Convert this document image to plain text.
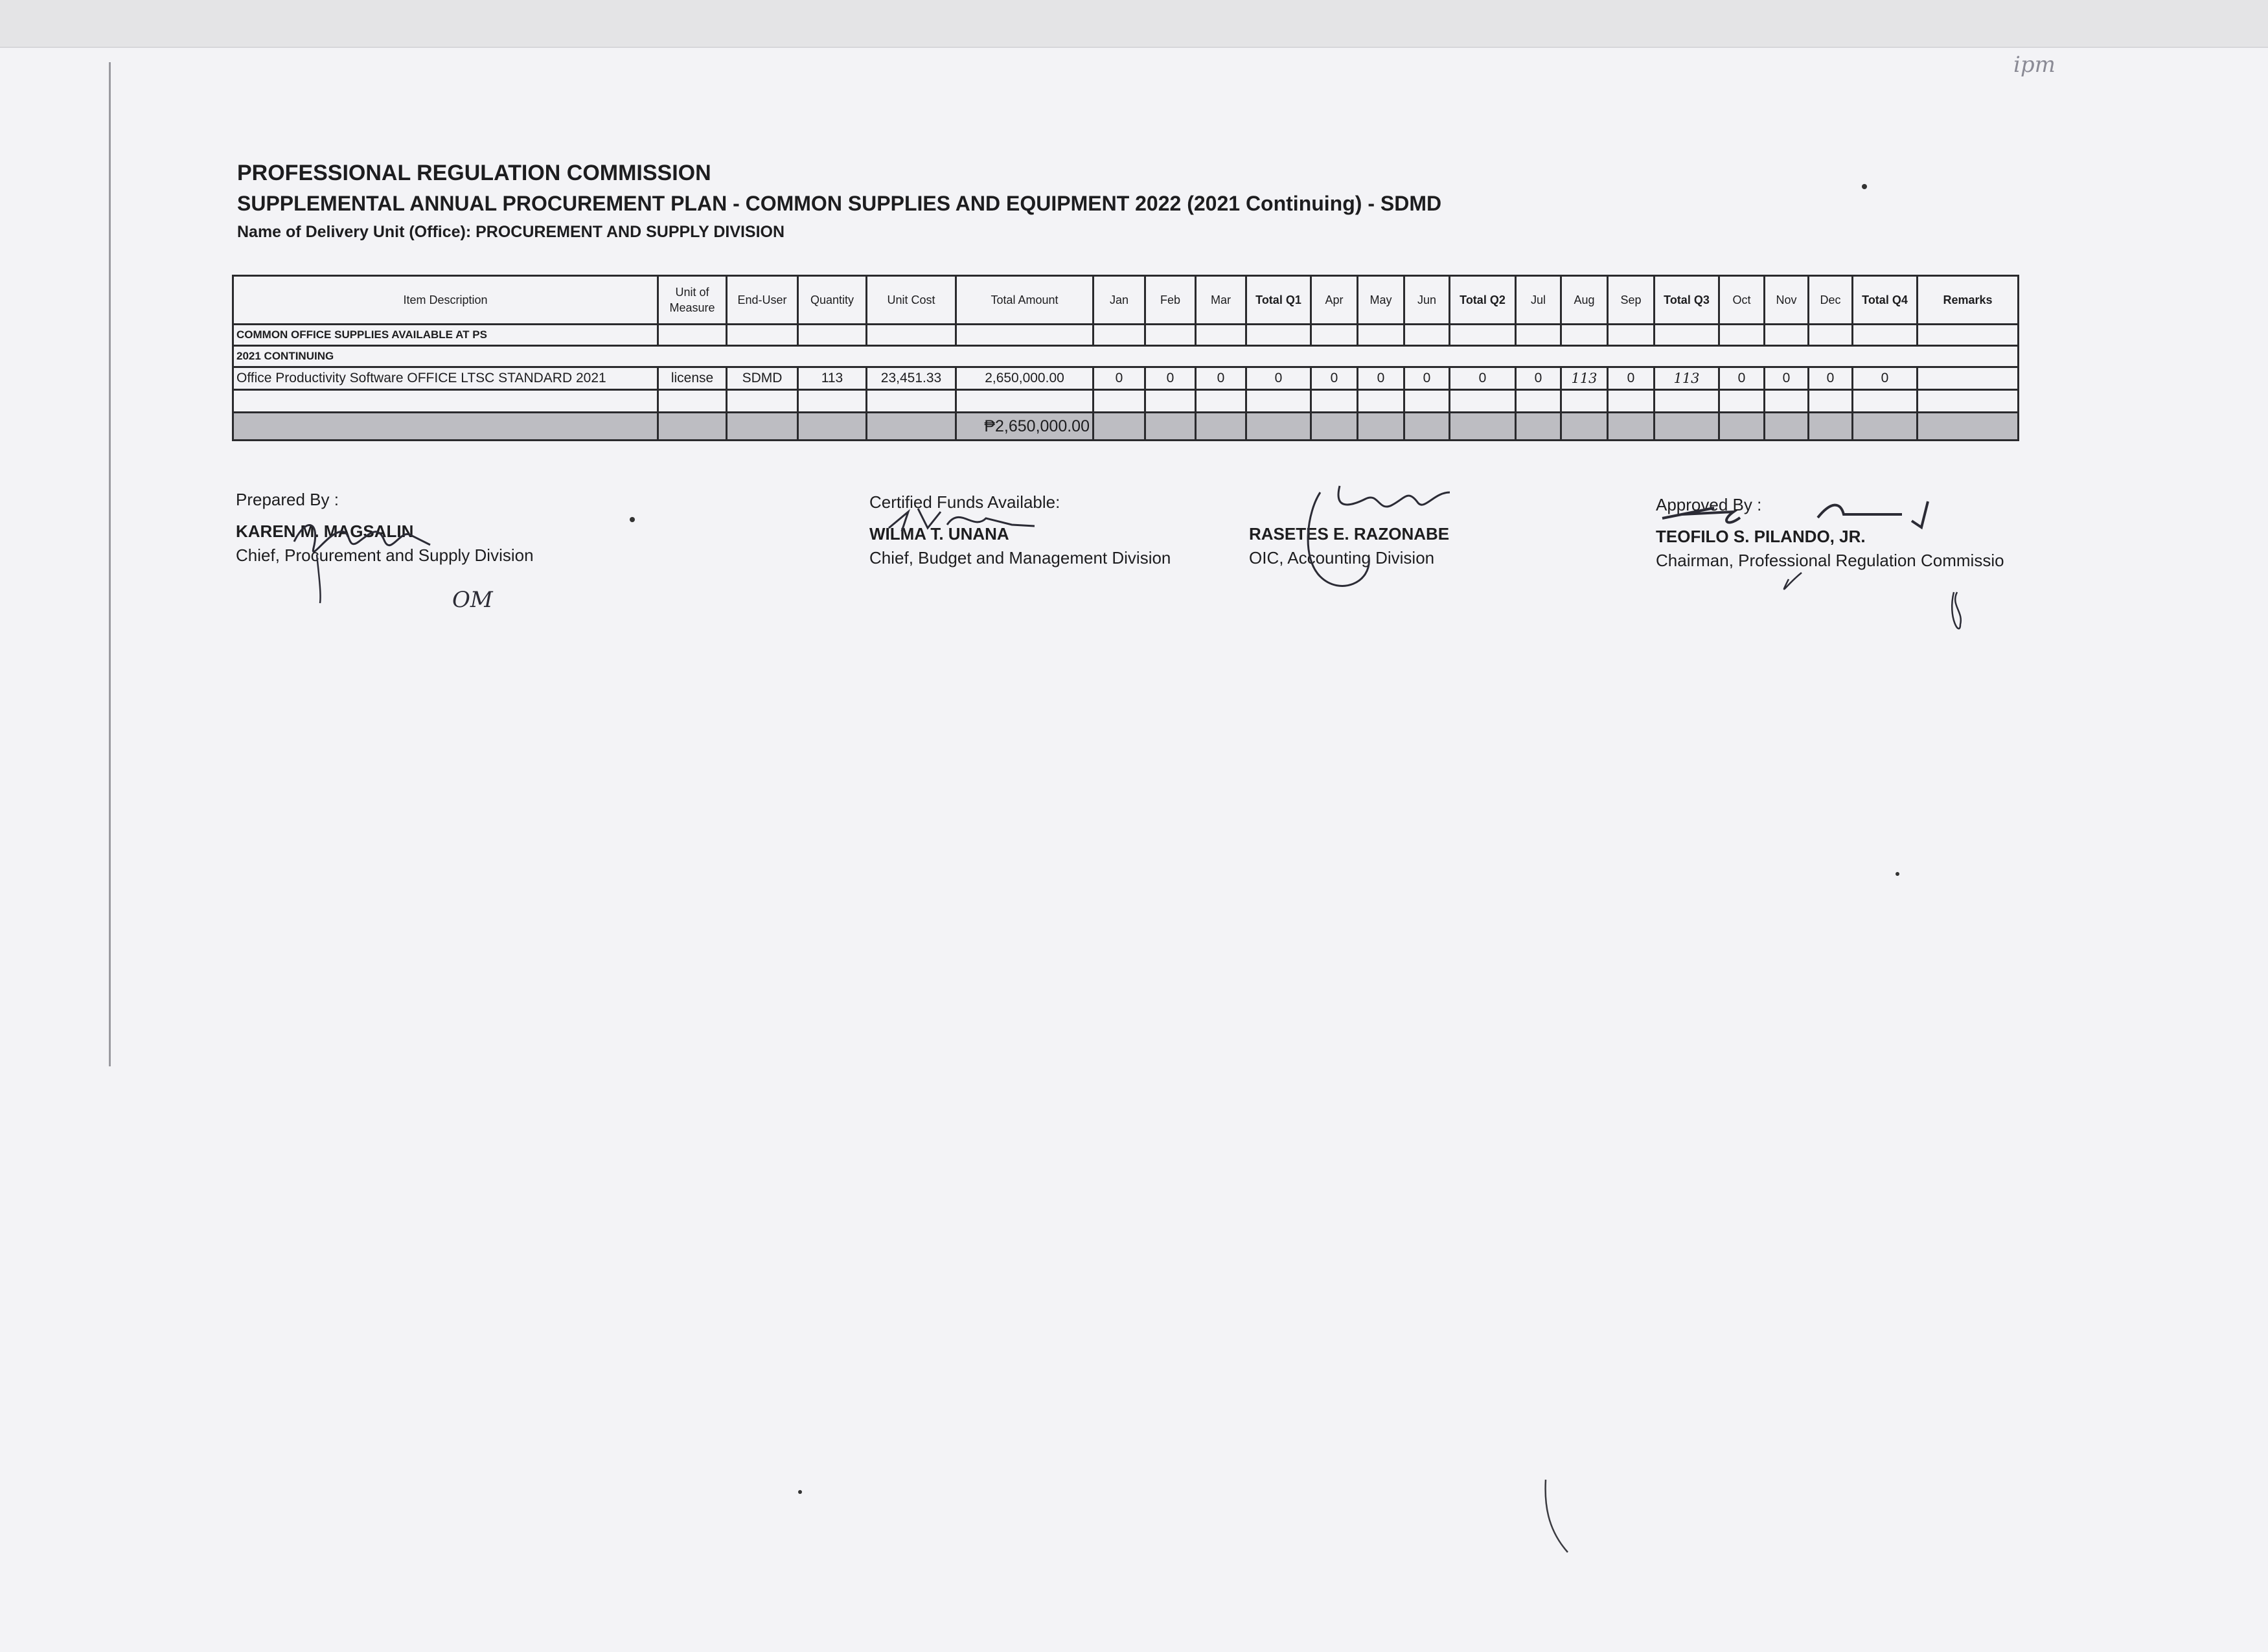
ipm
PROFESSIONAL REGULATION COMMISSION
SUPPLEMENTAL ANNUAL PROCUREMENT PLAN - COMMON SUPPLIES AND EQUIPMENT 2022 (2021 Continuing) - SDMD
Name of Delivery Unit (Office): PROCUREMENT AND SUPPLY DIVISION
Item Description	Unit of Measure	End-User	Quantity	Unit Cost	Total Amount	Jan	Feb	Mar	Total Q1	Apr	May	Jun	Total Q2	Jul	Aug	Sep	Total Q3	Oct	Nov	Dec	Total Q4	Remarks
COMMON OFFICE SUPPLIES AVAILABLE AT PS																						
2021 CONTINUING																						
Office Productivity Software OFFICE LTSC STANDARD 2021	license	SDMD	113	23,451.33	2,650,000.00	0	0	0	0	0	0	0	0	0	113	0	113	0	0	0	0	

					₱2,650,000.00																	
Prepared By :
KAREN M. MAGSALIN
Chief, Procurement and Supply Division
OM
Certified Funds Available:
WILMA T. UNANA
Chief, Budget and Management Division
RASETES E. RAZONABE
OIC, Accounting Division
Approved By :
TEOFILO S. PILANDO, JR.
Chairman, Professional Regulation Commissio
